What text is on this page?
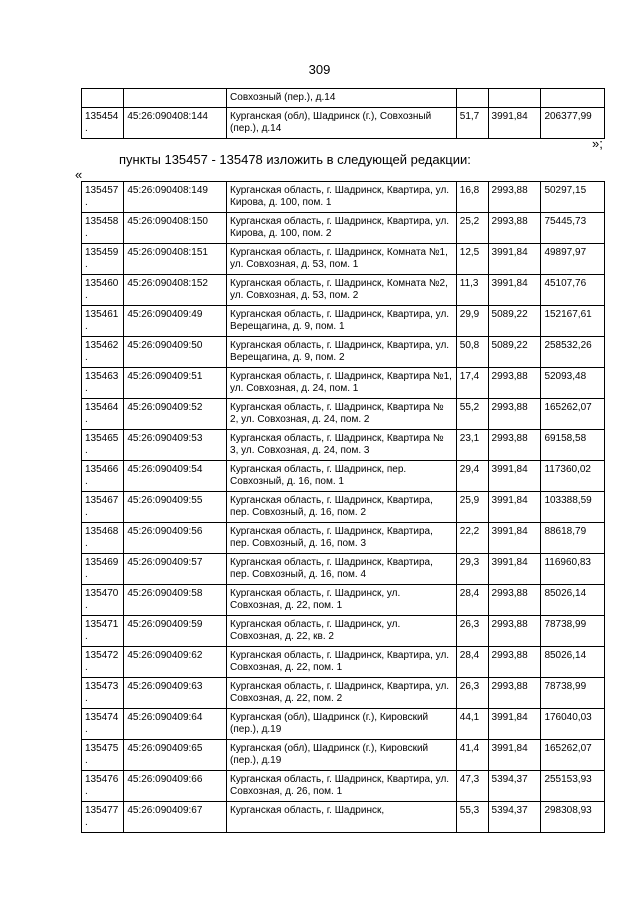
309
		Совхозный (пер.), д.14			
135454.	45:26:090408:144	Курганская (обл), Шадринск (г.), Совхозный (пер.), д.14	51,7	3991,84	206377,99
»;
пункты 135457 - 135478 изложить в следующей редакции:
«
135457.	45:26:090408:149	Курганская область, г. Шадринск, Квартира, ул. Кирова, д. 100, пом. 1	16,8	2993,88	50297,15
135458.	45:26:090408:150	Курганская область, г. Шадринск, Квартира, ул. Кирова, д. 100, пом. 2	25,2	2993,88	75445,73
135459.	45:26:090408:151	Курганская область, г. Шадринск, Комната №1, ул. Совхозная, д. 53, пом. 1	12,5	3991,84	49897,97
135460.	45:26:090408:152	Курганская область, г. Шадринск, Комната №2, ул. Совхозная, д. 53, пом. 2	11,3	3991,84	45107,76
135461.	45:26:090409:49	Курганская область, г. Шадринск, Квартира, ул. Верещагина, д. 9, пом. 1	29,9	5089,22	152167,61
135462.	45:26:090409:50	Курганская область, г. Шадринск, Квартира, ул. Верещагина, д. 9, пом. 2	50,8	5089,22	258532,26
135463.	45:26:090409:51	Курганская область, г. Шадринск, Квартира №1, ул. Совхозная, д. 24, пом. 1	17,4	2993,88	52093,48
135464.	45:26:090409:52	Курганская область, г. Шадринск, Квартира № 2, ул. Совхозная, д. 24, пом. 2	55,2	2993,88	165262,07
135465.	45:26:090409:53	Курганская область, г. Шадринск, Квартира № 3, ул. Совхозная, д. 24, пом. 3	23,1	2993,88	69158,58
135466.	45:26:090409:54	Курганская область, г. Шадринск, пер. Совхозный, д. 16, пом. 1	29,4	3991,84	117360,02
135467.	45:26:090409:55	Курганская область, г. Шадринск, Квартира, пер. Совхозный, д. 16, пом. 2	25,9	3991,84	103388,59
135468.	45:26:090409:56	Курганская область, г. Шадринск, Квартира, пер. Совхозный, д. 16, пом. 3	22,2	3991,84	88618,79
135469.	45:26:090409:57	Курганская область, г. Шадринск, Квартира, пер. Совхозный, д. 16, пом. 4	29,3	3991,84	116960,83
135470.	45:26:090409:58	Курганская область, г. Шадринск, ул. Совхозная, д. 22, пом. 1	28,4	2993,88	85026,14
135471.	45:26:090409:59	Курганская область, г. Шадринск, ул. Совхозная, д. 22, кв. 2	26,3	2993,88	78738,99
135472.	45:26:090409:62	Курганская область, г. Шадринск, Квартира, ул. Совхозная, д. 22, пом. 1	28,4	2993,88	85026,14
135473.	45:26:090409:63	Курганская область, г. Шадринск, Квартира, ул. Совхозная, д. 22, пом. 2	26,3	2993,88	78738,99
135474.	45:26:090409:64	Курганская (обл), Шадринск (г.), Кировский (пер.), д.19	44,1	3991,84	176040,03
135475.	45:26:090409:65	Курганская (обл), Шадринск (г.), Кировский (пер.), д.19	41,4	3991,84	165262,07
135476.	45:26:090409:66	Курганская область, г. Шадринск, Квартира, ул. Совхозная, д. 26, пом. 1	47,3	5394,37	255153,93
135477.	45:26:090409:67	Курганская область, г. Шадринск,	55,3	5394,37	298308,93
